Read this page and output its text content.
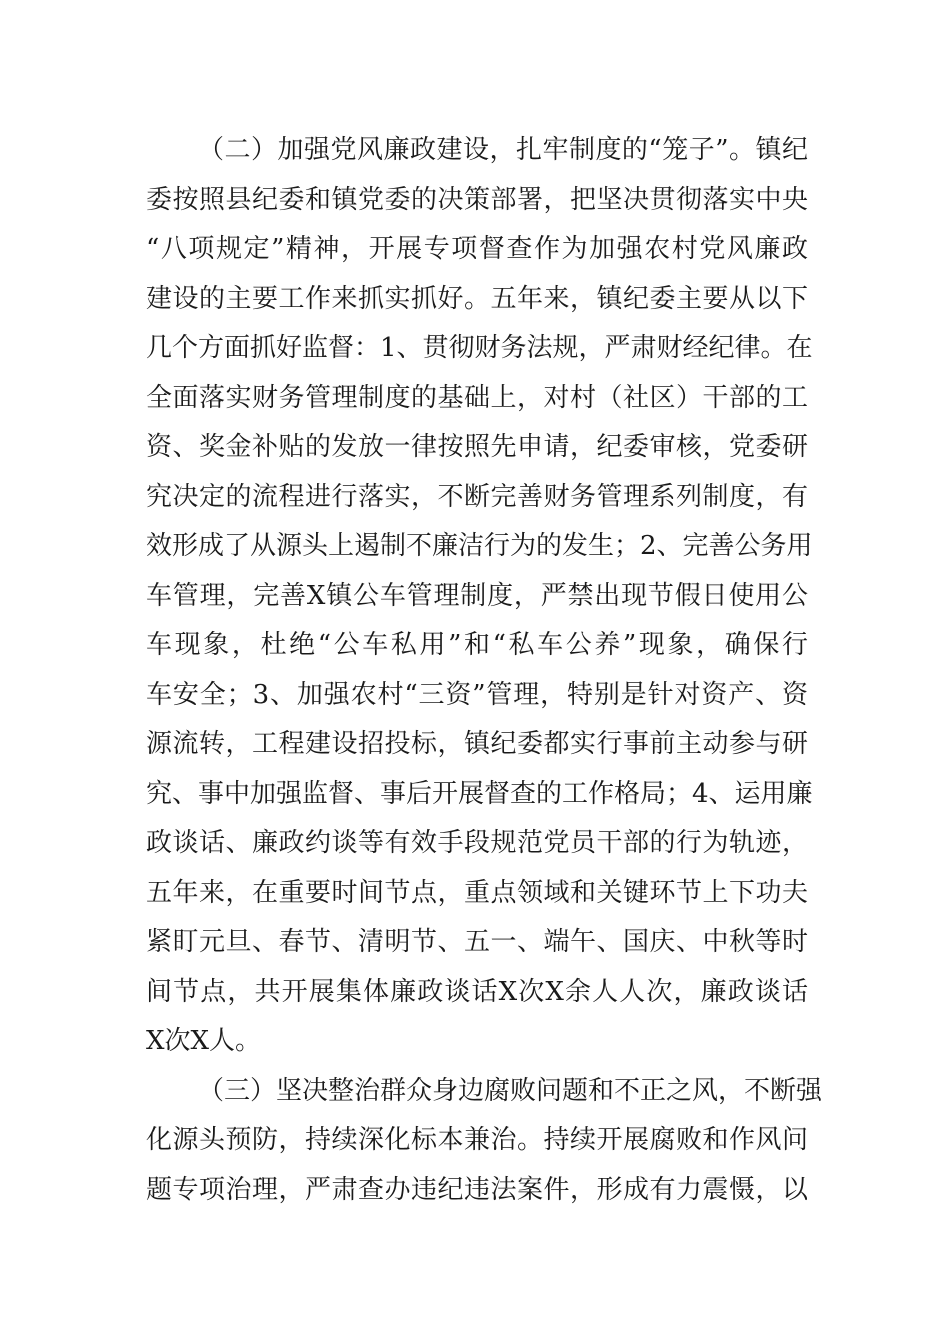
（二）加强党风廉政建设，扎牢制度的“笼子”。镇纪
委按照县纪委和镇党委的决策部署，把坚决贯彻落实中央
“八项规定”精神，开展专项督查作为加强农村党风廉政
建设的主要工作来抓实抓好。五年来，镇纪委主要从以下
几个方面抓好监督：1、贯彻财务法规，严肃财经纪律。在
全面落实财务管理制度的基础上，对村（社区）干部的工
资、奖金补贴的发放一律按照先申请，纪委审核，党委研
究决定的流程进行落实，不断完善财务管理系列制度，有
效形成了从源头上遏制不廉洁行为的发生；2、完善公务用
车管理，完善X镇公车管理制度，严禁出现节假日使用公
车现象，杜绝“公车私用”和“私车公养”现象，确保行
车安全；3、加强农村“三资”管理，特别是针对资产、资
源流转，工程建设招投标，镇纪委都实行事前主动参与研
究、事中加强监督、事后开展督查的工作格局；4、运用廉
政谈话、廉政约谈等有效手段规范党员干部的行为轨迹，
五年来，在重要时间节点，重点领域和关键环节上下功夫
紧盯元旦、春节、清明节、五一、端午、国庆、中秋等时
间节点，共开展集体廉政谈话X次X余人人次，廉政谈话
X次X人。
（三）坚决整治群众身边腐败问题和不正之风，不断强
化源头预防，持续深化标本兼治。持续开展腐败和作风问
题专项治理，严肃查办违纪违法案件，形成有力震慑，以
